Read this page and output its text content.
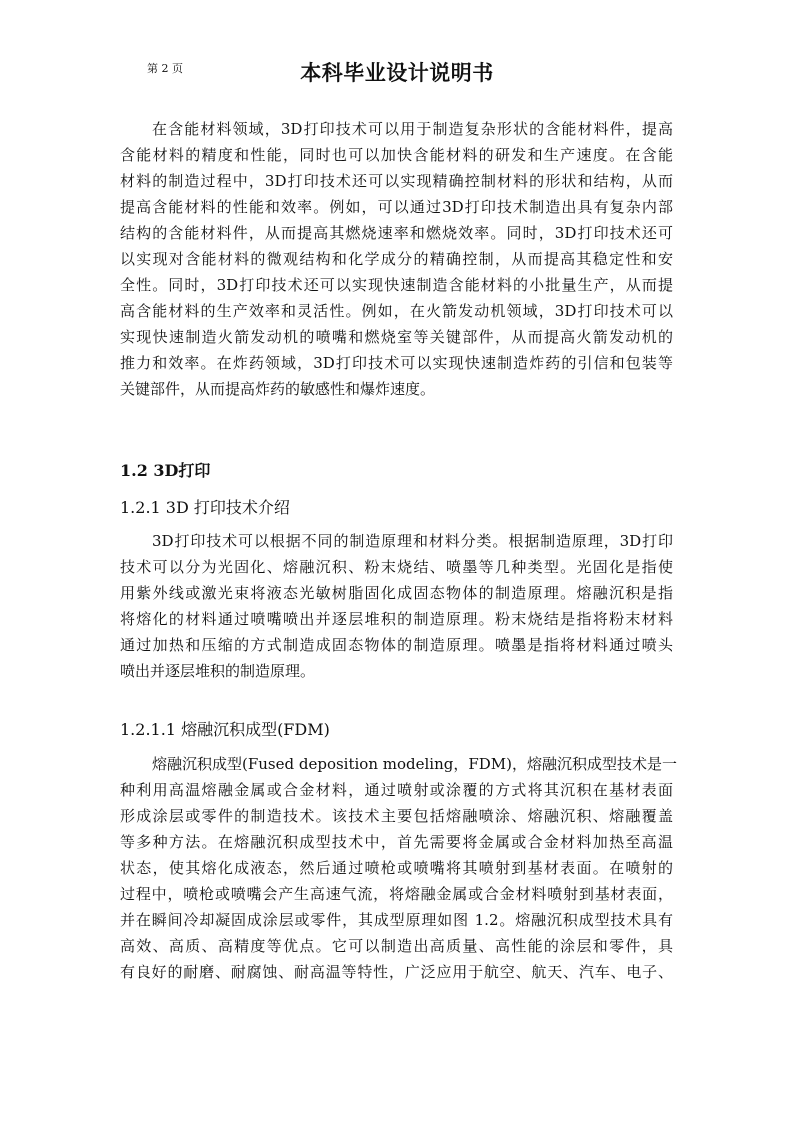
第 2 页	本科毕业设计说明书
在含能材料领域，3D打印技术可以用于制造复杂形状的含能材料件，提高
含能材料的精度和性能，同时也可以加快含能材料的研发和生产速度。在含能
材料的制造过程中，3D打印技术还可以实现精确控制材料的形状和结构，从而
提高含能材料的性能和效率。例如，可以通过3D打印技术制造出具有复杂内部
结构的含能材料件，从而提高其燃烧速率和燃烧效率。同时，3D打印技术还可
以实现对含能材料的微观结构和化学成分的精确控制，从而提高其稳定性和安
全性。同时，3D打印技术还可以实现快速制造含能材料的小批量生产，从而提
高含能材料的生产效率和灵活性。例如，在火箭发动机领域，3D打印技术可以
实现快速制造火箭发动机的喷嘴和燃烧室等关键部件，从而提高火箭发动机的
推力和效率。在炸药领域，3D打印技术可以实现快速制造炸药的引信和包装等
关键部件，从而提高炸药的敏感性和爆炸速度。
1.2 3D打印
1.2.1 3D 打印技术介绍
3D打印技术可以根据不同的制造原理和材料分类。根据制造原理，3D打印
技术可以分为光固化、熔融沉积、粉末烧结、喷墨等几种类型。光固化是指使
用紫外线或激光束将液态光敏树脂固化成固态物体的制造原理。熔融沉积是指
将熔化的材料通过喷嘴喷出并逐层堆积的制造原理。粉末烧结是指将粉末材料
通过加热和压缩的方式制造成固态物体的制造原理。喷墨是指将材料通过喷头
喷出并逐层堆积的制造原理。
1.2.1.1 熔融沉积成型(FDM)
熔融沉积成型(Fused deposition modeling，FDM)，熔融沉积成型技术是一
种利用高温熔融金属或合金材料，通过喷射或涂覆的方式将其沉积在基材表面
形成涂层或零件的制造技术。该技术主要包括熔融喷涂、熔融沉积、熔融覆盖
等多种方法。在熔融沉积成型技术中，首先需要将金属或合金材料加热至高温
状态，使其熔化成液态，然后通过喷枪或喷嘴将其喷射到基材表面。在喷射的
过程中，喷枪或喷嘴会产生高速气流，将熔融金属或合金材料喷射到基材表面，
并在瞬间冷却凝固成涂层或零件，其成型原理如图 1.2。熔融沉积成型技术具有
高效、高质、高精度等优点。它可以制造出高质量、高性能的涂层和零件，具
有良好的耐磨、耐腐蚀、耐高温等特性，广泛应用于航空、航天、汽车、电子、
